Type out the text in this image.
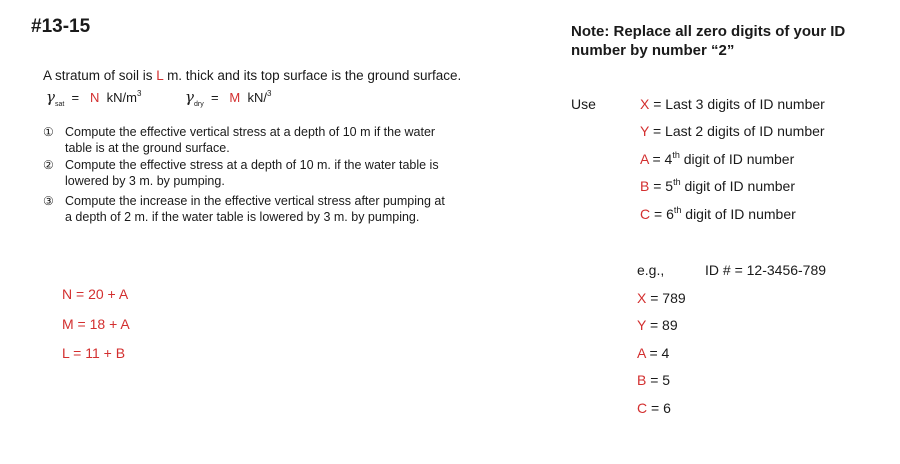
#13-15	Note: Replace all zero digits of your ID
number by number “2”
A stratum of soil is L m. thick and its top surface is the ground surface.
$\gamma_{sat} = N$ $kN/m^3$	$\gamma_{dry} = M$ kN/$^3$
① Compute the effective vertical stress at a depth of 10 m if the water
table is at the ground surface.
② Compute the effective stress at a depth of 10 m. if the water table is
lowered by 3 m. by pumping.
③ Compute the increase in the effective vertical stress after pumping at
a depth of 2 m. if the water table is lowered by 3 m. by pumping.
N = 20 + A
M = 18 + A
L = 11 + B
Use	X = Last 3 digits of ID number
Y = Last 2 digits of ID number
A = 4th digit of ID number
B = 5th digit of ID number
C = 6th digit of ID number
e.g.,	ID # = 12-3456-789
X = 789
Y = 89
A = 4
B = 5
C = 6
